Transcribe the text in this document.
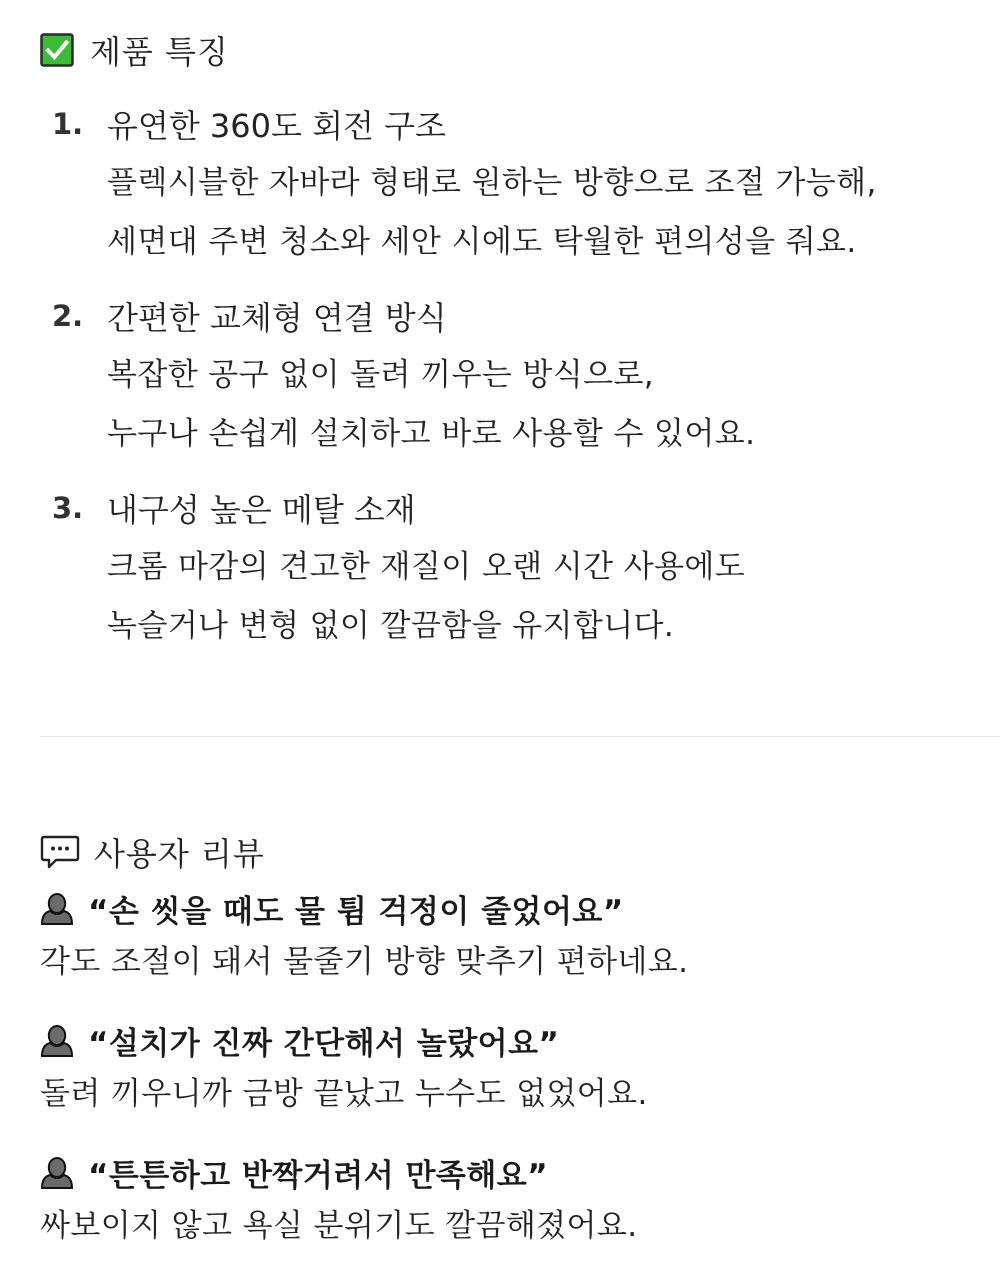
제품 특징
1. 유연한 360도 회전 구조
플렉시블한 자바라 형태로 원하는 방향으로 조절 가능해,
세면대 주변 청소와 세안 시에도 탁월한 편의성을 줘요.
2. 간편한 교체형 연결 방식
복잡한 공구 없이 돌려 끼우는 방식으로,
누구나 손쉽게 설치하고 바로 사용할 수 있어요.
3. 내구성 높은 메탈 소재
크롬 마감의 견고한 재질이 오랜 시간 사용에도
녹슬거나 변형 없이 깔끔함을 유지합니다.
사용자 리뷰
“손 씻을 때도 물 튐 걱정이 줄었어요”
각도 조절이 돼서 물줄기 방향 맞추기 편하네요.
“설치가 진짜 간단해서 놀랐어요”
돌려 끼우니까 금방 끝났고 누수도 없었어요.
“튼튼하고 반짝거려서 만족해요”
싸보이지 않고 욕실 분위기도 깔끔해졌어요.
